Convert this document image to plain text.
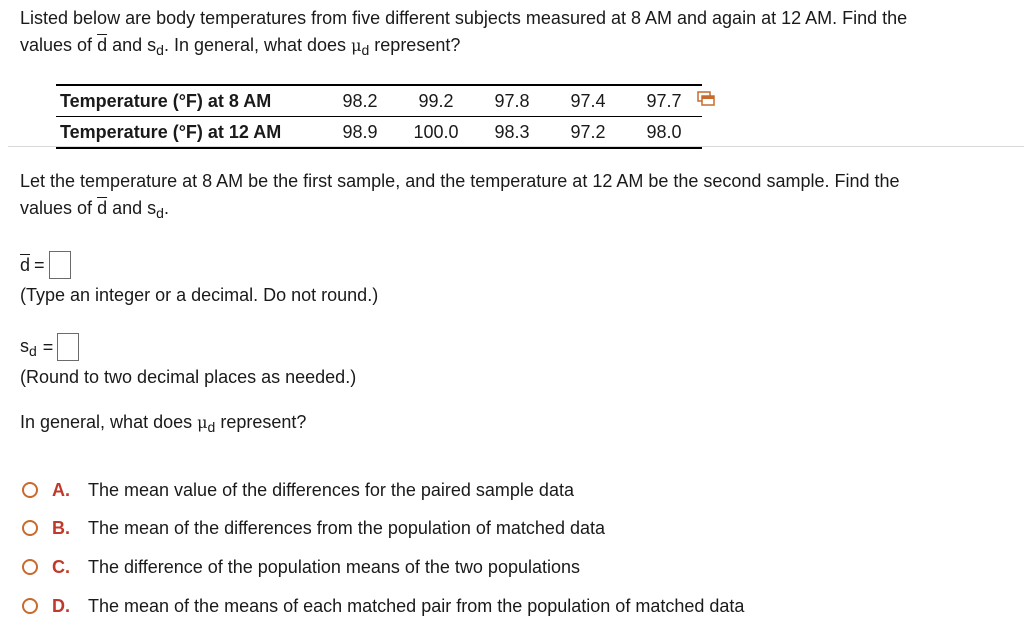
Listed below are body temperatures from five different subjects measured at 8 AM and again at 12 AM. Find the
values of $\overline{d}$ and $s_d$. In general, what does $\mu_d$ represent?
Temperature (°F) at 8 AM	98.2	99.2	97.8	97.4	97.7
Temperature (°F) at 12 AM	98.9	100.0	98.3	97.2	98.0
Let the temperature at 8 AM be the first sample, and the temperature at 12 AM be the second sample. Find the
values of $\overline{d}$ and $s_d$.
$\overline{d}$ =
(Type an integer or a decimal. Do not round.)
$s_d$ =
(Round to two decimal places as needed.)
In general, what does $\mu_d$ represent?
A.	The mean value of the differences for the paired sample data
B.	The mean of the differences from the population of matched data
C.	The difference of the population means of the two populations
D.	The mean of the means of each matched pair from the population of matched data
